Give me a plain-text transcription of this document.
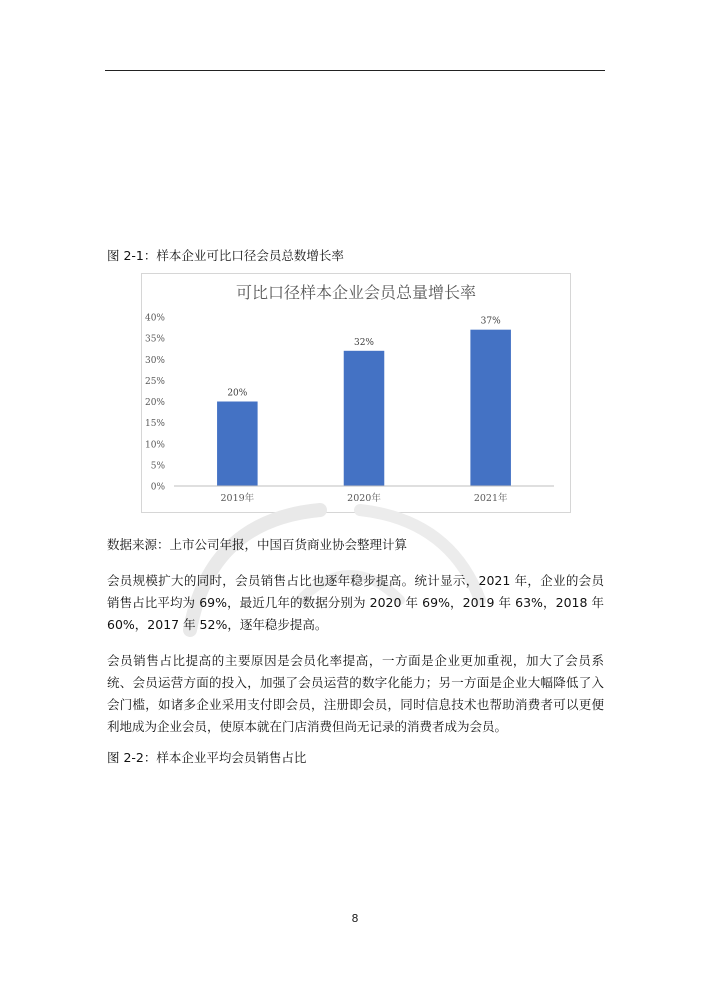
图 2-1：样本企业可比口径会员总数增长率
可比口径样本企业会员总量增长率
0%
5%
10%
15%
20%
25%
30%
35%
40%
20%
32%
37%
2019年	2020年	2021年
数据来源：上市公司年报，中国百货商业协会整理计算

会员规模扩大的同时，会员销售占比也逐年稳步提高。统计显示，2021 年，企业的会员销售占比平均为 69%，最近几年的数据分别为 2020 年 69%，2019 年 63%，2018 年 60%，2017 年 52%，逐年稳步提高。

会员销售占比提高的主要原因是会员化率提高，一方面是企业更加重视，加大了会员系统、会员运营方面的投入，加强了会员运营的数字化能力；另一方面是企业大幅降低了入会门槛，如诸多企业采用支付即会员，注册即会员，同时信息技术也帮助消费者可以更便利地成为企业会员，使原本就在门店消费但尚无记录的消费者成为会员。

图 2-2：样本企业平均会员销售占比
8
